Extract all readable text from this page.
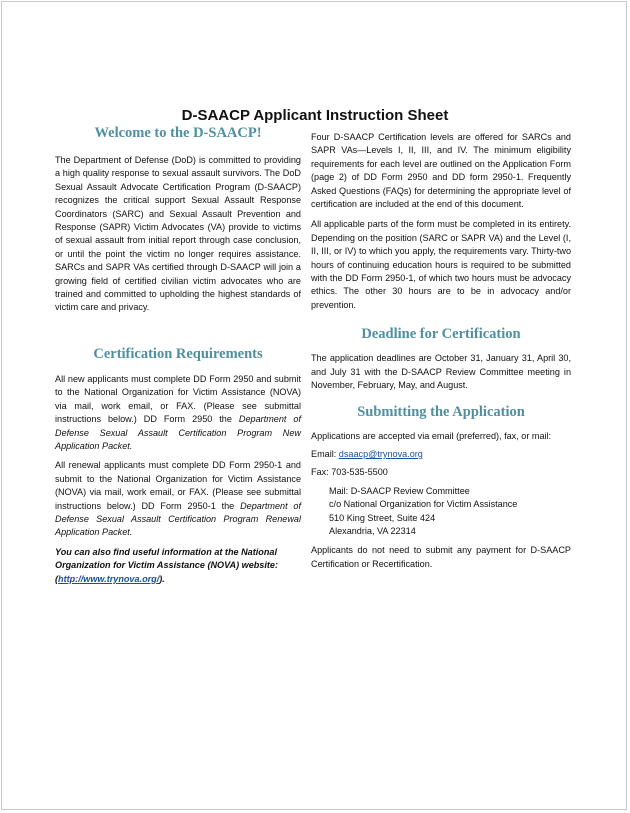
D-SAACP Applicant Instruction Sheet
Welcome to the D-SAACP!

The Department of Defense (DoD) is committed to providing a high quality response to sexual assault survivors. The DoD Sexual Assault Advocate Certification Program (D-SAACP) recognizes the critical support Sexual Assault Response Coordinators (SARC) and Sexual Assault Prevention and Response (SAPR) Victim Advocates (VA) provide to victims of sexual assault from initial report through case conclusion, or until the point the victim no longer requires assistance. SARCs and SAPR VAs certified through D-SAACP will join a growing field of certified civilian victim advocates who are trained and committed to upholding the highest standards of victim care and privacy.

Certification Requirements

All new applicants must complete DD Form 2950 and submit to the National Organization for Victim Assistance (NOVA) via mail, work email, or FAX. (Please see submittal instructions below.) DD Form 2950 the Department of Defense Sexual Assault Certification Program New Application Packet.

All renewal applicants must complete DD Form 2950-1 and submit to the National Organization for Victim Assistance (NOVA) via mail, work email, or FAX. (Please see submittal instructions below.) DD Form 2950-1 the Department of Defense Sexual Assault Certification Program Renewal Application Packet.

You can also find useful information at the National Organization for Victim Assistance (NOVA) website: (http://www.trynova.org/).

Four D-SAACP Certification levels are offered for SARCs and SAPR VAs—Levels I, II, III, and IV. The minimum eligibility requirements for each level are outlined on the Application Form (page 2) of DD Form 2950 and DD form 2950-1. Frequently Asked Questions (FAQs) for determining the appropriate level of certification are included at the end of this document.

All applicable parts of the form must be completed in its entirety. Depending on the position (SARC or SAPR VA) and the Level (I, II, III, or IV) to which you apply, the requirements vary. Thirty-two hours of continuing education hours is required to be submitted with the DD Form 2950-1, of which two hours must be advocacy ethics. The other 30 hours are to be in advocacy and/or prevention.

Deadline for Certification

The application deadlines are October 31, January 31, April 30, and July 31 with the D-SAACP Review Committee meeting in November, February, May, and August.

Submitting the Application

Applications are accepted via email (preferred), fax, or mail:

Email: dsaacp@trynova.org

Fax: 703-535-5500

Mail: D-SAACP Review Committee

c/o National Organization for Victim Assistance

510 King Street, Suite 424

Alexandria, VA 22314

Applicants do not need to submit any payment for D-SAACP Certification or Recertification.
